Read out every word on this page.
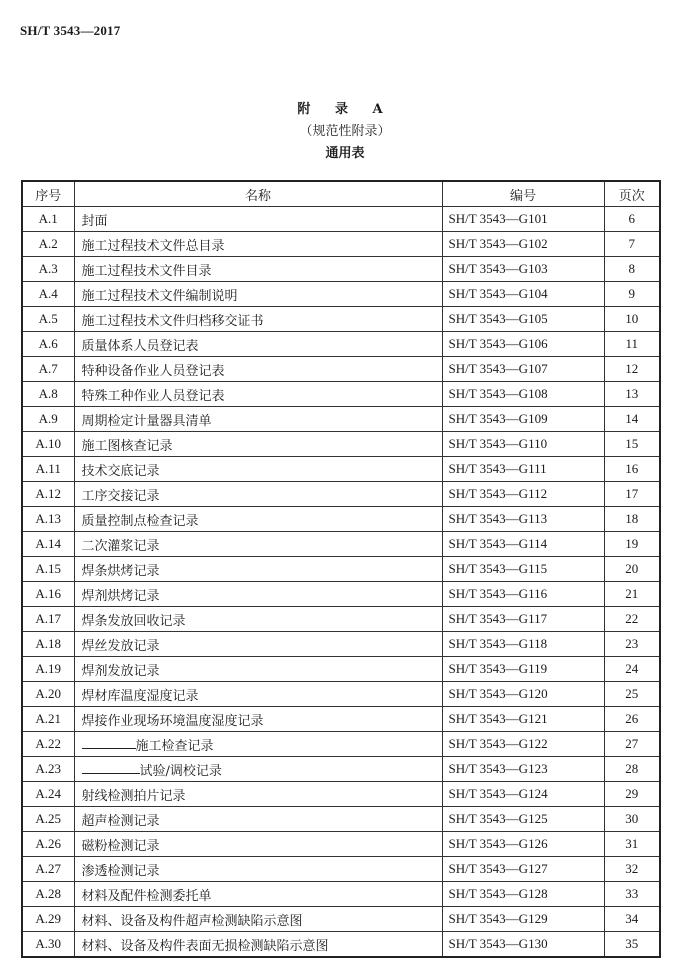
SH/T 3543—2017
附 录 A
（规范性附录）
通用表
序号	名称	编号	页次
A.1	封面	SH/T 3543—G101	6
A.2	施工过程技术文件总目录	SH/T 3543—G102	7
A.3	施工过程技术文件目录	SH/T 3543—G103	8
A.4	施工过程技术文件编制说明	SH/T 3543—G104	9
A.5	施工过程技术文件归档移交证书	SH/T 3543—G105	10
A.6	质量体系人员登记表	SH/T 3543—G106	11
A.7	特种设备作业人员登记表	SH/T 3543—G107	12
A.8	特殊工种作业人员登记表	SH/T 3543—G108	13
A.9	周期检定计量器具清单	SH/T 3543—G109	14
A.10	施工图核查记录	SH/T 3543—G110	15
A.11	技术交底记录	SH/T 3543—G111	16
A.12	工序交接记录	SH/T 3543—G112	17
A.13	质量控制点检查记录	SH/T 3543—G113	18
A.14	二次灌浆记录	SH/T 3543—G114	19
A.15	焊条烘烤记录	SH/T 3543—G115	20
A.16	焊剂烘烤记录	SH/T 3543—G116	21
A.17	焊条发放回收记录	SH/T 3543—G117	22
A.18	焊丝发放记录	SH/T 3543—G118	23
A.19	焊剂发放记录	SH/T 3543—G119	24
A.20	焊材库温度湿度记录	SH/T 3543—G120	25
A.21	焊接作业现场环境温度湿度记录	SH/T 3543—G121	26
A.22	施工检查记录	SH/T 3543—G122	27
A.23	试验/调校记录	SH/T 3543—G123	28
A.24	射线检测拍片记录	SH/T 3543—G124	29
A.25	超声检测记录	SH/T 3543—G125	30
A.26	磁粉检测记录	SH/T 3543—G126	31
A.27	渗透检测记录	SH/T 3543—G127	32
A.28	材料及配件检测委托单	SH/T 3543—G128	33
A.29	材料、设备及构件超声检测缺陷示意图	SH/T 3543—G129	34
A.30	材料、设备及构件表面无损检测缺陷示意图	SH/T 3543—G130	35
